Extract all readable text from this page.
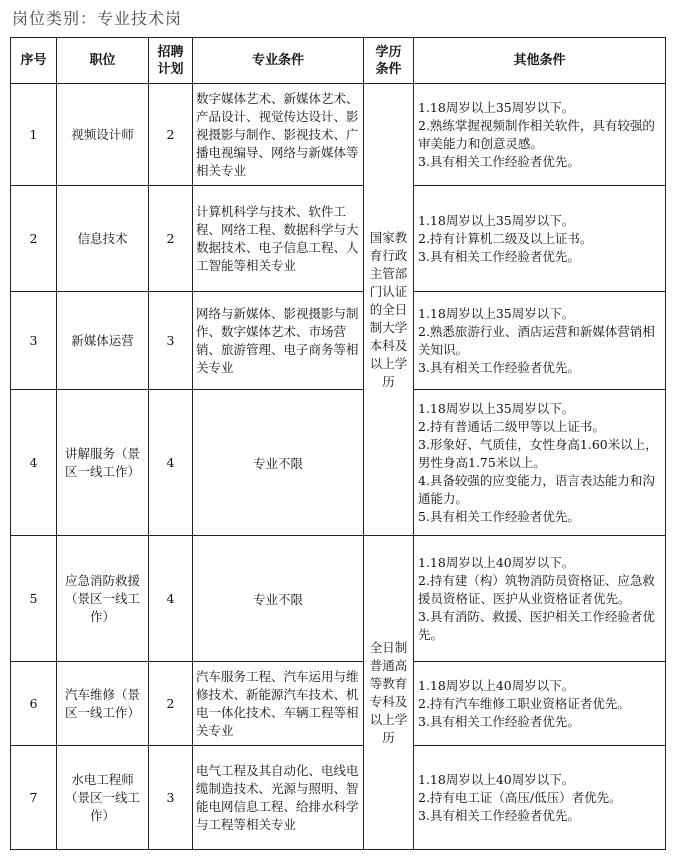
岗位类别：专业技术岗
序号	职位	招聘计划	专业条件	学历条件	其他条件
1	视频设计师	2	数字媒体艺术、新媒体艺术、产品设计、视觉传达设计、影视摄影与制作、影视技术、广播电视编导、网络与新媒体等相关专业	国家教育行政主管部门认证的全日制大学本科及以上学历	1.18周岁以上35周岁以下。
2.熟练掌握视频制作相关软件，具有较强的审美能力和创意灵感。
3.具有相关工作经验者优先。

2	信息技术	2	计算机科学与技术、软件工程、网络工程、数据科学与大数据技术、电子信息工程、人工智能等相关专业		1.18周岁以上35周岁以下。
2.持有计算机二级及以上证书。
3.具有相关工作经验者优先。

3	新媒体运营	3	网络与新媒体、影视摄影与制作、数字媒体艺术、市场营销、旅游管理、电子商务等相关专业		1.18周岁以上35周岁以下。
2.熟悉旅游行业、酒店运营和新媒体营销相关知识。
3.具有相关工作经验者优先。

4	讲解服务（景区一线工作）	4	专业不限		1.18周岁以上35周岁以下。
2.持有普通话二级甲等以上证书。
3.形象好、气质佳，女性身高1.60米以上，男性身高1.75米以上。
4.具备较强的应变能力，语言表达能力和沟通能力。
5.具有相关工作经验者优先。

5	应急消防救援（景区一线工作）	4	专业不限	全日制普通高等教育专科及以上学历	1.18周岁以上40周岁以下。
2.持有建（构）筑物消防员资格证、应急救援员资格证、医护从业资格证者优先。
3.具有消防、救援、医护相关工作经验者优先。

6	汽车维修（景区一线工作）	2	汽车服务工程、汽车运用与维修技术、新能源汽车技术、机电一体化技术、车辆工程等相关专业		1.18周岁以上40周岁以下。
2.持有汽车维修工职业资格证者优先。
3.具有相关工作经验者优先。

7	水电工程师（景区一线工作）	3	电气工程及其自动化、电线电缆制造技术、光源与照明、智能电网信息工程、给排水科学与工程等相关专业		1.18周岁以上40周岁以下。
2.持有电工证（高压/低压）者优先。
3.具有相关工作经验者优先。
